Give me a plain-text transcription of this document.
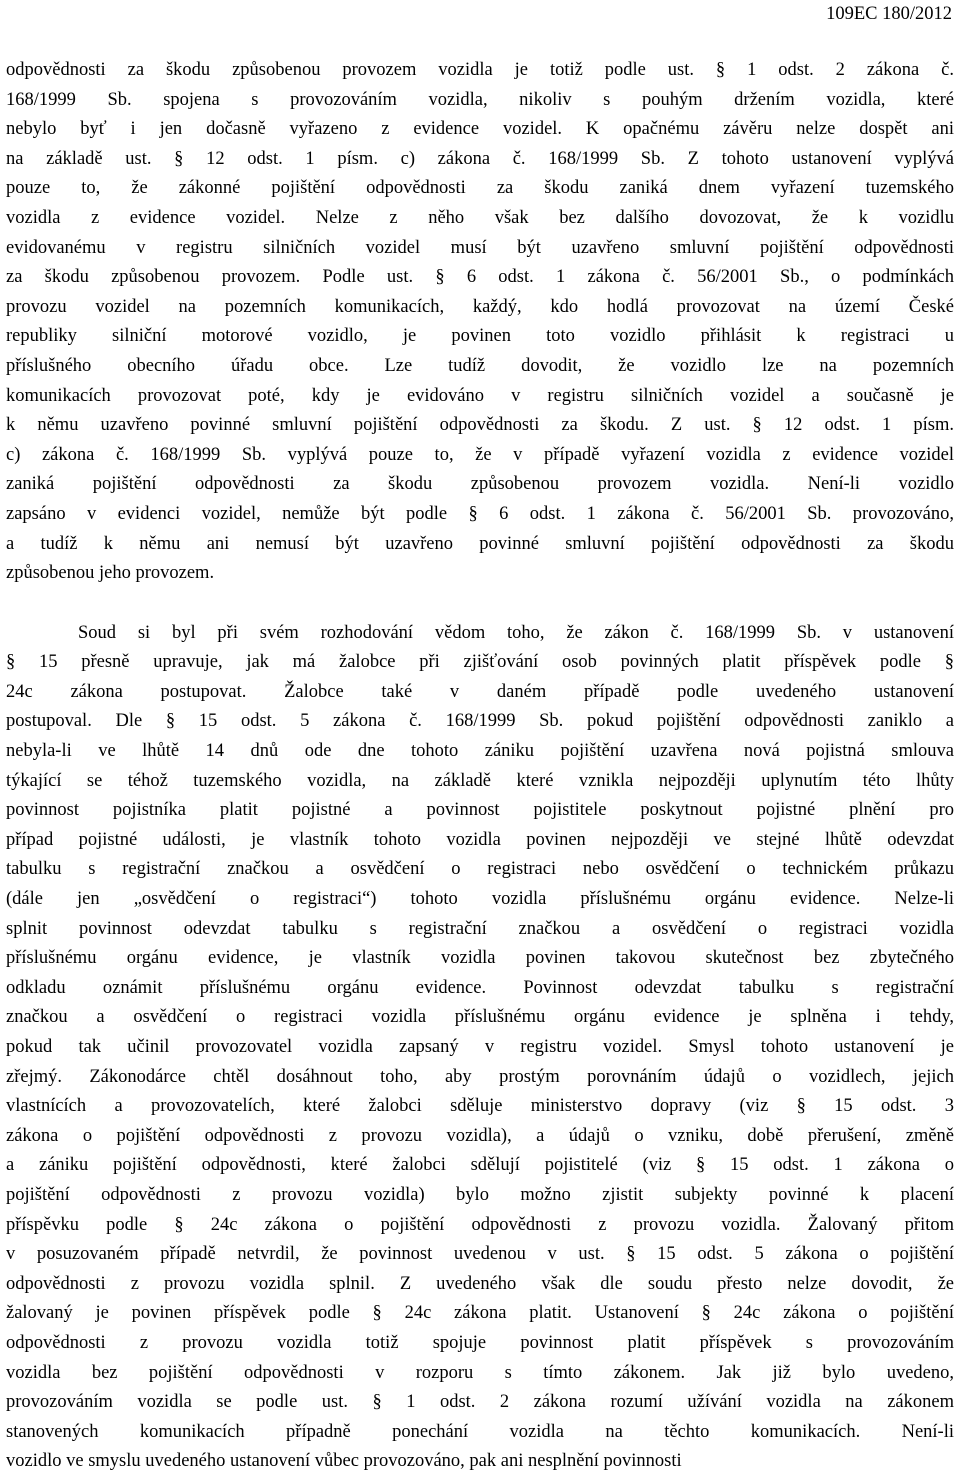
109EC 180/2012
odpovědnosti za škodu způsobenou provozem vozidla je totiž podle ust. § 1 odst. 2 zákona č.
168/1999 Sb. spojena s provozováním vozidla, nikoliv s pouhým držením vozidla, které
nebylo byť i jen dočasně vyřazeno z evidence vozidel. K opačnému závěru nelze dospět ani
na základě ust. § 12 odst. 1 písm. c) zákona č. 168/1999 Sb. Z tohoto ustanovení vyplývá
pouze to, že zákonné pojištění odpovědnosti za škodu zaniká dnem vyřazení tuzemského
vozidla z evidence vozidel. Nelze z něho však bez dalšího dovozovat, že k vozidlu
evidovanému v registru silničních vozidel musí být uzavřeno smluvní pojištění odpovědnosti
za škodu způsobenou provozem. Podle ust. § 6 odst. 1 zákona č. 56/2001 Sb., o podmínkách
provozu vozidel na pozemních komunikacích, každý, kdo hodlá provozovat na území České
republiky silniční motorové vozidlo, je povinen toto vozidlo přihlásit k registraci u
příslušného obecního úřadu obce. Lze tudíž dovodit, že vozidlo lze na pozemních
komunikacích provozovat poté, kdy je evidováno v registru silničních vozidel a současně je
k němu uzavřeno povinné smluvní pojištění odpovědnosti za škodu. Z ust. § 12 odst. 1 písm.
c) zákona č. 168/1999 Sb. vyplývá pouze to, že v případě vyřazení vozidla z evidence vozidel
zaniká pojištění odpovědnosti za škodu způsobenou provozem vozidla. Není-li vozidlo
zapsáno v evidenci vozidel, nemůže být podle § 6 odst. 1 zákona č. 56/2001 Sb. provozováno,
a tudíž k němu ani nemusí být uzavřeno povinné smluvní pojištění odpovědnosti za škodu
způsobenou jeho provozem.
Soud si byl při svém rozhodování vědom toho, že zákon č. 168/1999 Sb. v ustanovení
§ 15 přesně upravuje, jak má žalobce při zjišťování osob povinných platit příspěvek podle §
24c zákona postupovat. Žalobce také v daném případě podle uvedeného ustanovení
postupoval. Dle § 15 odst. 5 zákona č. 168/1999 Sb. pokud pojištění odpovědnosti zaniklo a
nebyla-li ve lhůtě 14 dnů ode dne tohoto zániku pojištění uzavřena nová pojistná smlouva
týkající se téhož tuzemského vozidla, na základě které vznikla nejpozději uplynutím této lhůty
povinnost pojistníka platit pojistné a povinnost pojistitele poskytnout pojistné plnění pro
případ pojistné události, je vlastník tohoto vozidla povinen nejpozději ve stejné lhůtě odevzdat
tabulku s registrační značkou a osvědčení o registraci nebo osvědčení o technickém průkazu
(dále jen „osvědčení o registraci“) tohoto vozidla příslušnému orgánu evidence. Nelze-li
splnit povinnost odevzdat tabulku s registrační značkou a osvědčení o registraci vozidla
příslušnému orgánu evidence, je vlastník vozidla povinen takovou skutečnost bez zbytečného
odkladu oznámit příslušnému orgánu evidence. Povinnost odevzdat tabulku s registrační
značkou a osvědčení o registraci vozidla příslušnému orgánu evidence je splněna i tehdy,
pokud tak učinil provozovatel vozidla zapsaný v registru vozidel. Smysl tohoto ustanovení je
zřejmý. Zákonodárce chtěl dosáhnout toho, aby prostým porovnáním údajů o vozidlech, jejich
vlastnících a provozovatelích, které žalobci sděluje ministerstvo dopravy (viz § 15 odst. 3
zákona o pojištění odpovědnosti z provozu vozidla), a údajů o vzniku, době přerušení, změně
a zániku pojištění odpovědnosti, které žalobci sdělují pojistitelé (viz § 15 odst. 1 zákona o
pojištění odpovědnosti z provozu vozidla) bylo možno zjistit subjekty povinné k placení
příspěvku podle § 24c zákona o pojištění odpovědnosti z provozu vozidla. Žalovaný přitom
v posuzovaném případě netvrdil, že povinnost uvedenou v ust. § 15 odst. 5 zákona o pojištění
odpovědnosti z provozu vozidla splnil. Z uvedeného však dle soudu přesto nelze dovodit, že
žalovaný je povinen příspěvek podle § 24c zákona platit. Ustanovení § 24c zákona o pojištění
odpovědnosti z provozu vozidla totiž spojuje povinnost platit příspěvek s provozováním
vozidla bez pojištění odpovědnosti v rozporu s tímto zákonem. Jak již bylo uvedeno,
provozováním vozidla se podle ust. § 1 odst. 2 zákona rozumí užívání vozidla na zákonem
stanovených komunikacích případně ponechání vozidla na těchto komunikacích. Není-li
vozidlo ve smyslu uvedeného ustanovení vůbec provozováno, pak ani nesplnění povinnosti
